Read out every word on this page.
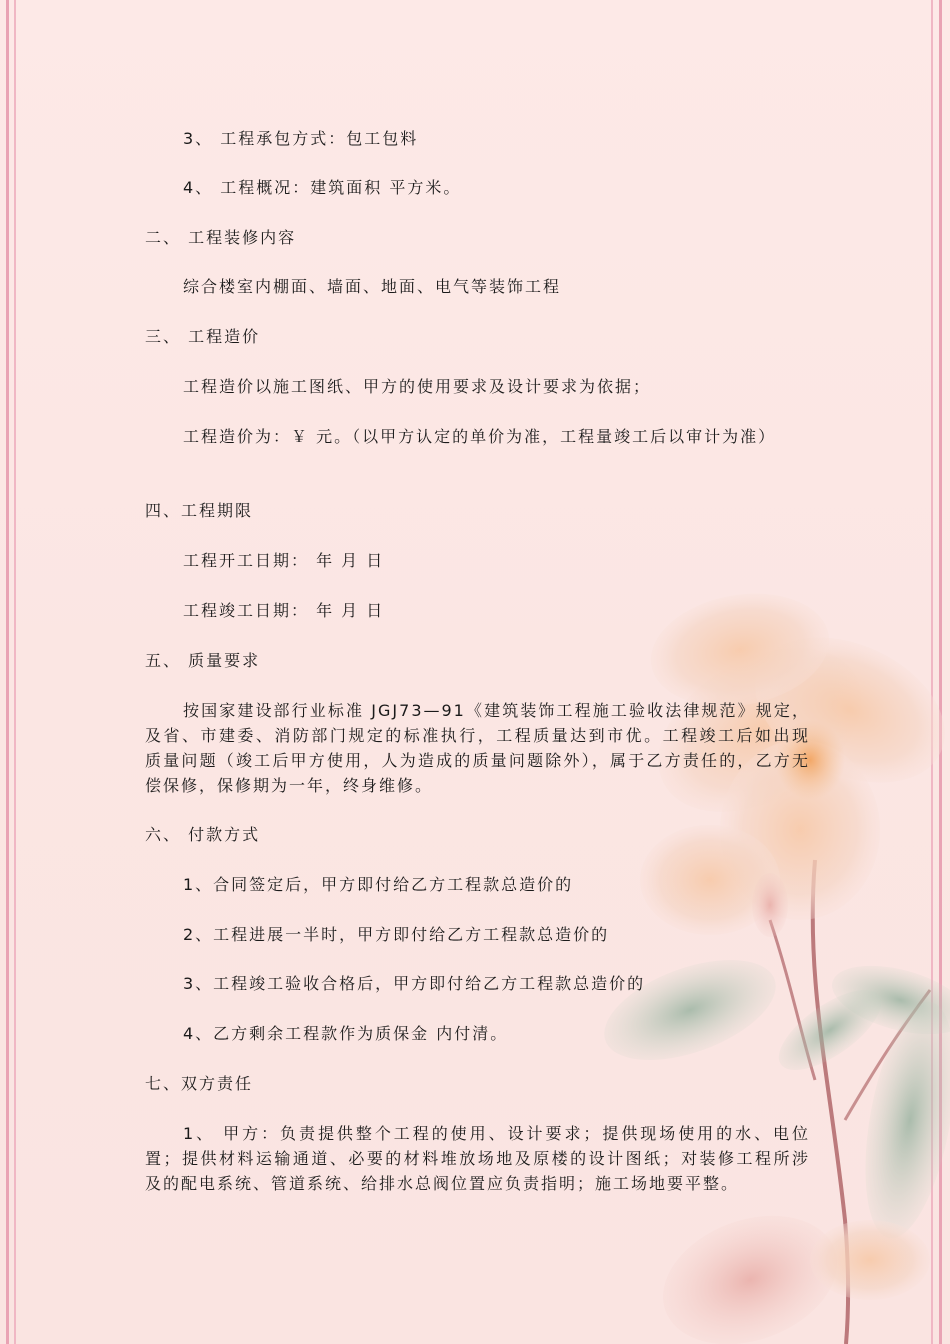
3、 工程承包方式：包工包料
4、 工程概况：建筑面积 平方米。
二、 工程装修内容
综合楼室内棚面、墙面、地面、电气等装饰工程
三、 工程造价
工程造价以施工图纸、甲方的使用要求及设计要求为依据；
工程造价为：￥ 元。（以甲方认定的单价为准，工程量竣工后以审计为准）
四、工程期限
工程开工日期： 年 月 日
工程竣工日期： 年 月 日
五、 质量要求
按国家建设部行业标准 JGJ73—91《建筑装饰工程施工验收法律规范》规定，及省、市建委、消防部门规定的标准执行，工程质量达到市优。工程竣工后如出现质量问题（竣工后甲方使用，人为造成的质量问题除外），属于乙方责任的，乙方无偿保修，保修期为一年，终身维修。
六、 付款方式
1、合同签定后，甲方即付给乙方工程款总造价的
2、工程进展一半时，甲方即付给乙方工程款总造价的
3、工程竣工验收合格后，甲方即付给乙方工程款总造价的
4、乙方剩余工程款作为质保金 内付清。
七、双方责任
1、 甲方：负责提供整个工程的使用、设计要求；提供现场使用的水、电位置；提供材料运输通道、必要的材料堆放场地及原楼的设计图纸；对装修工程所涉及的配电系统、管道系统、给排水总阀位置应负责指明；施工场地要平整。
